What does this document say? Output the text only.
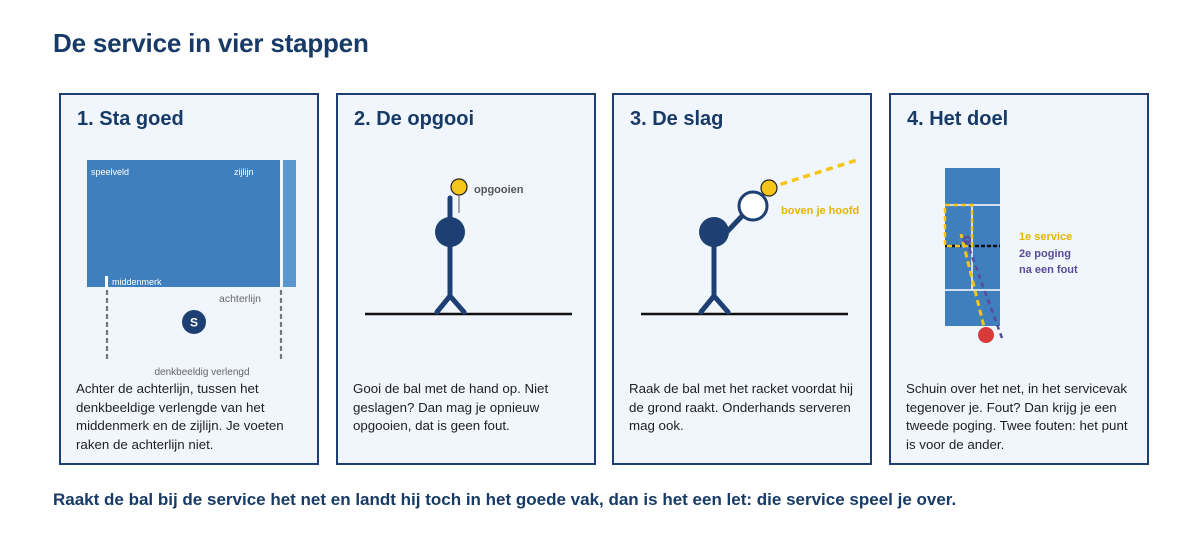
De service in vier stappen
1. Sta goed
speelveld	zijlijn
middenmerk
achterlijn
S
denkbeeldig verlengd

Achter de achterlijn, tussen het denkbeeldige verlengde van het middenmerk en de zijlijn. Je voeten raken de achterlijn niet.

2. De opgooi
opgooien

Gooi de bal met de hand op. Niet geslagen? Dan mag je opnieuw opgooien, dat is geen fout.

3. De slag
boven je hoofd

Raak de bal met het racket voordat hij de grond raakt. Onderhands serveren mag ook.

4. Het doel
1e service
2e poging
na een fout

Schuin over het net, in het servicevak tegenover je. Fout? Dan krijg je een tweede poging. Twee fouten: het punt is voor de ander.

Raakt de bal bij de service het net en landt hij toch in het goede vak, dan is het een let: die service speel je over.
